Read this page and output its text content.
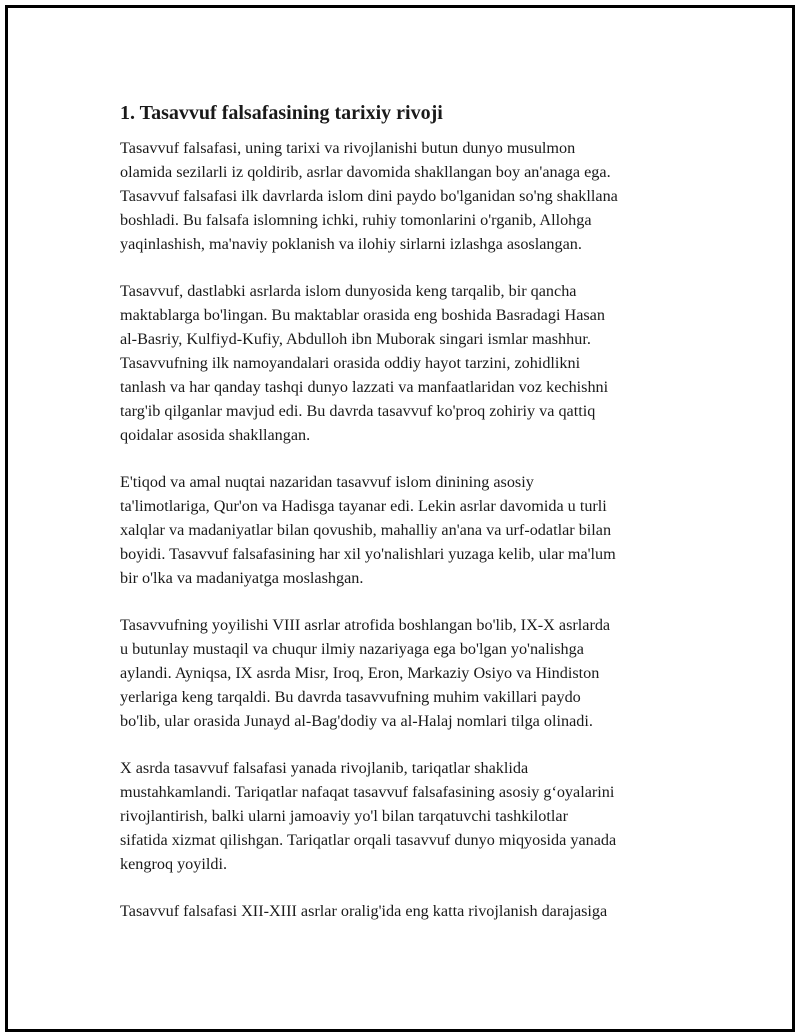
1. Tasavvuf falsafasining tarixiy rivoji
Tasavvuf falsafasi, uning tarixi va rivojlanishi butun dunyo musulmon
olamida sezilarli iz qoldirib, asrlar davomida shakllangan boy an'anaga ega.
Tasavvuf falsafasi ilk davrlarda islom dini paydo bo'lganidan so'ng shakllana
boshladi. Bu falsafa islomning ichki, ruhiy tomonlarini o'rganib, Allohga
yaqinlashish, ma'naviy poklanish va ilohiy sirlarni izlashga asoslangan.
Tasavvuf, dastlabki asrlarda islom dunyosida keng tarqalib, bir qancha
maktablarga bo'lingan. Bu maktablar orasida eng boshida Basradagi Hasan
al-Basriy, Kulfiyd-Kufiy, Abdulloh ibn Muborak singari ismlar mashhur.
Tasavvufning ilk namoyandalari orasida oddiy hayot tarzini, zohidlikni
tanlash va har qanday tashqi dunyo lazzati va manfaatlaridan voz kechishni
targ'ib qilganlar mavjud edi. Bu davrda tasavvuf ko'proq zohiriy va qattiq
qoidalar asosida shakllangan.
E'tiqod va amal nuqtai nazaridan tasavvuf islom dinining asosiy
ta'limotlariga, Qur'on va Hadisga tayanar edi. Lekin asrlar davomida u turli
xalqlar va madaniyatlar bilan qovushib, mahalliy an'ana va urf-odatlar bilan
boyidi. Tasavvuf falsafasining har xil yo'nalishlari yuzaga kelib, ular ma'lum
bir o'lka va madaniyatga moslashgan.
Tasavvufning yoyilishi VIII asrlar atrofida boshlangan bo'lib, IX-X asrlarda
u butunlay mustaqil va chuqur ilmiy nazariyaga ega bo'lgan yo'nalishga
aylandi. Ayniqsa, IX asrda Misr, Iroq, Eron, Markaziy Osiyo va Hindiston
yerlariga keng tarqaldi. Bu davrda tasavvufning muhim vakillari paydo
bo'lib, ular orasida Junayd al-Bag'dodiy va al-Halaj nomlari tilga olinadi.
X asrda tasavvuf falsafasi yanada rivojlanib, tariqatlar shaklida
mustahkamlandi. Tariqatlar nafaqat tasavvuf falsafasining asosiy g‘oyalarini
rivojlantirish, balki ularni jamoaviy yo'l bilan tarqatuvchi tashkilotlar
sifatida xizmat qilishgan. Tariqatlar orqali tasavvuf dunyo miqyosida yanada
kengroq yoyildi.
Tasavvuf falsafasi XII-XIII asrlar oralig'ida eng katta rivojlanish darajasiga
